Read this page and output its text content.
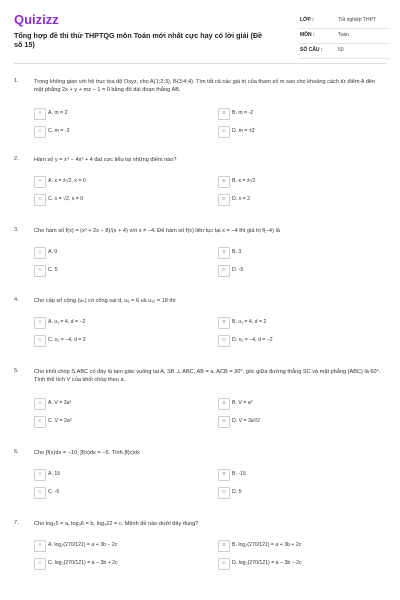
Quizizz
Tổng hợp đề thi thử THPTQG môn Toán mới nhất cực hay có lời giải (Đề số 15)
LỚP :	Tốt nghiệp THPT
MÔN :	Toán
SỐ CÂU :	50
1.	Trong không gian với hệ trục tọa độ Oxyz, cho A(1;2;3), B(3;4;4). Tìm tất cả các giá trị của tham số m sao cho khoảng cách từ điểm A đến mặt phẳng 2x + y + mz − 1 = 0 bằng độ dài đoạn thẳng AB.
A	A. m = 2	B	B. m = -2
C	C. m = -3	D	D. m = ±2
2.	Hàm số y = x⁴ − 4x² + 4 đạt cực tiểu tại những điểm nào?
A	A. x = ±√2, x = 0	B	B. x = ±√2
C	C. x = √2, x = 0	D	D. x = 2
3.	Cho hàm số f(x) = (x² + 2x − 8)/(x + 4) với x ≠ −4. Để hàm số f(x) liên tục tại x = −4 thì giá trị f(−4) là
A	A. 0	B	B. 3
C	C. 5	D	D. -5
4.	Cho cấp số cộng (uₙ) có công sai d, u₆ = 6 và u₁₂ = 18 thì
A	A. u₁ = 4, d = −2	B	B. u₁ = 4, d = 2
C	C. u₁ = −4, d = 2	D	D. u₁ = −4, d = −2
5.	Cho khối chóp S.ABC có đáy là tam giác vuông tại A, SB ⊥ ABC, AB = a, ACB = 30°, góc giữa đường thẳng SC và mặt phẳng (ABC) là 60°. Tính thể tích V của khối chóp theo a.
A	A. V = 3a³	B	B. V = a³
C	C. V = 2a³	D	D. V = 3a³/2
6.	Cho ∫f(x)dx = −10; ∫f(x)dx = −5. Tính ∫f(x)dx
A	A. 15	B	B. -15
C	C. -5	D	D. 5
7.	Cho log₂5 = a, log₃6 = b, log₂22 = c. Mệnh đề nào dưới đây đúng?
A	A. log₂(270/121) = a + 3b − 2c	B	B. log₂(270/121) = a + 3b + 2c
C	C. log₂(270/121) = a − 3b + 2c	D	D. log₂(270/121) = a − 3b − 2c
